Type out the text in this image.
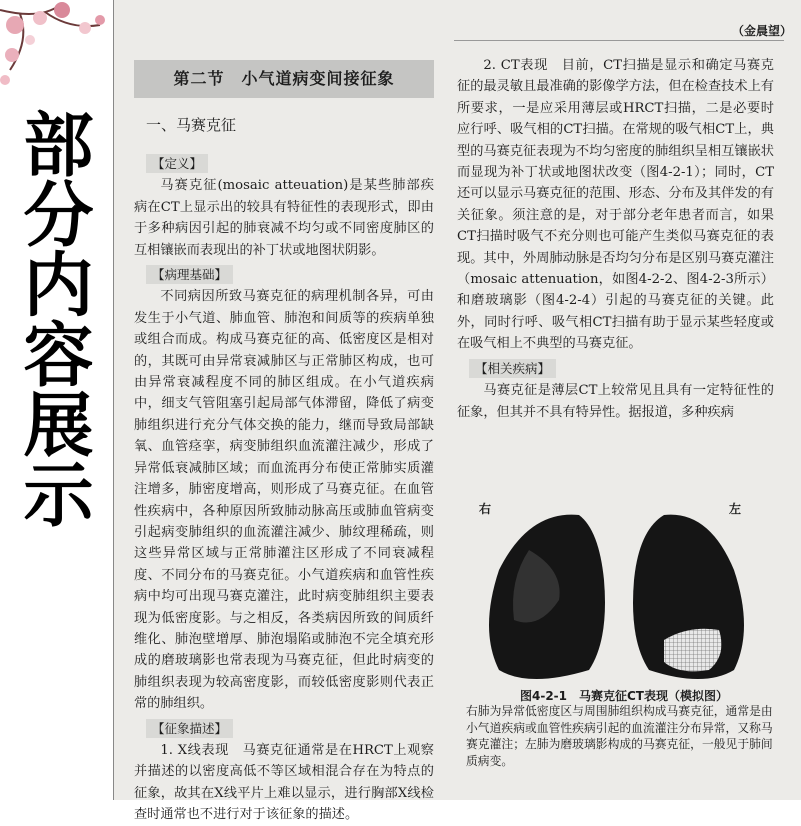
部分内容展示
（金晨望）
第二节　小气道病变间接征象
一、马赛克征
【定义】

马赛克征(mosaic atteuation)是某些肺部疾病在CT上显示出的较具有特征性的表现形式，即由于多种病因引起的肺衰减不均匀或不同密度肺区的互相镶嵌而表现出的补丁状或地图状阴影。

【病理基础】

不同病因所致马赛克征的病理机制各异，可由发生于小气道、肺血管、肺泡和间质等的疾病单独或组合而成。构成马赛克征的高、低密度区是相对的，其既可由异常衰减肺区与正常肺区构成，也可由异常衰减程度不同的肺区组成。在小气道疾病中，细支气管阻塞引起局部气体滞留，降低了病变肺组织进行充分气体交换的能力，继而导致局部缺氧、血管痉挛，病变肺组织血流灌注减少，形成了异常低衰减肺区域；而血流再分布使正常肺实质灌注增多，肺密度增高，则形成了马赛克征。在血管性疾病中，各种原因所致肺动脉高压或肺血管病变引起病变肺组织的血流灌注减少、肺纹理稀疏，则这些异常区域与正常肺灌注区形成了不同衰减程度、不同分布的马赛克征。小气道疾病和血管性疾病中均可出现马赛克灌注，此时病变肺组织主要表现为低密度影。与之相反，各类病因所致的间质纤维化、肺泡壁增厚、肺泡塌陷或肺泡不完全填充形成的磨玻璃影也常表现为马赛克征，但此时病变的肺组织表现为较高密度影，而较低密度影则代表正常的肺组织。

【征象描述】

1. X线表现　马赛克征通常是在HRCT上观察并描述的以密度高低不等区域相混合存在为特点的征象，故其在X线平片上难以显示，进行胸部X线检查时通常也不进行对于该征象的描述。

2. CT表现　目前，CT扫描是显示和确定马赛克征的最灵敏且最准确的影像学方法，但在检查技术上有所要求，一是应采用薄层或HRCT扫描，二是必要时应行呼、吸气相的CT扫描。在常规的吸气相CT上，典型的马赛克征表现为不均匀密度的肺组织呈相互镶嵌状而显现为补丁状或地图状改变（图4-2-1）；同时，CT还可以显示马赛克征的范围、形态、分布及其伴发的有关征象。须注意的是，对于部分老年患者而言，如果CT扫描时吸气不充分则也可能产生类似马赛克征的表现。其中，外周肺动脉是否均匀分布是区别马赛克灌注（mosaic attenuation，如图4-2-2、图4-2-3所示）和磨玻璃影（图4-2-4）引起的马赛克征的关键。此外，同时行呼、吸气相CT扫描有助于显示某些轻度或在吸气相上不典型的马赛克征。

【相关疾病】

马赛克征是薄层CT上较常见且具有一定特征性的征象，但其并不具有特异性。据报道，多种疾病

右	左
图4-2-1　马赛克征CT表现（模拟图）
右肺为异常低密度区与周围肺组织构成马赛克征，通常是由小气道疾病或血管性疾病引起的血流灌注分布异常，又称马赛克灌注；左肺为磨玻璃影构成的马赛克征，一般见于肺间质病变。
